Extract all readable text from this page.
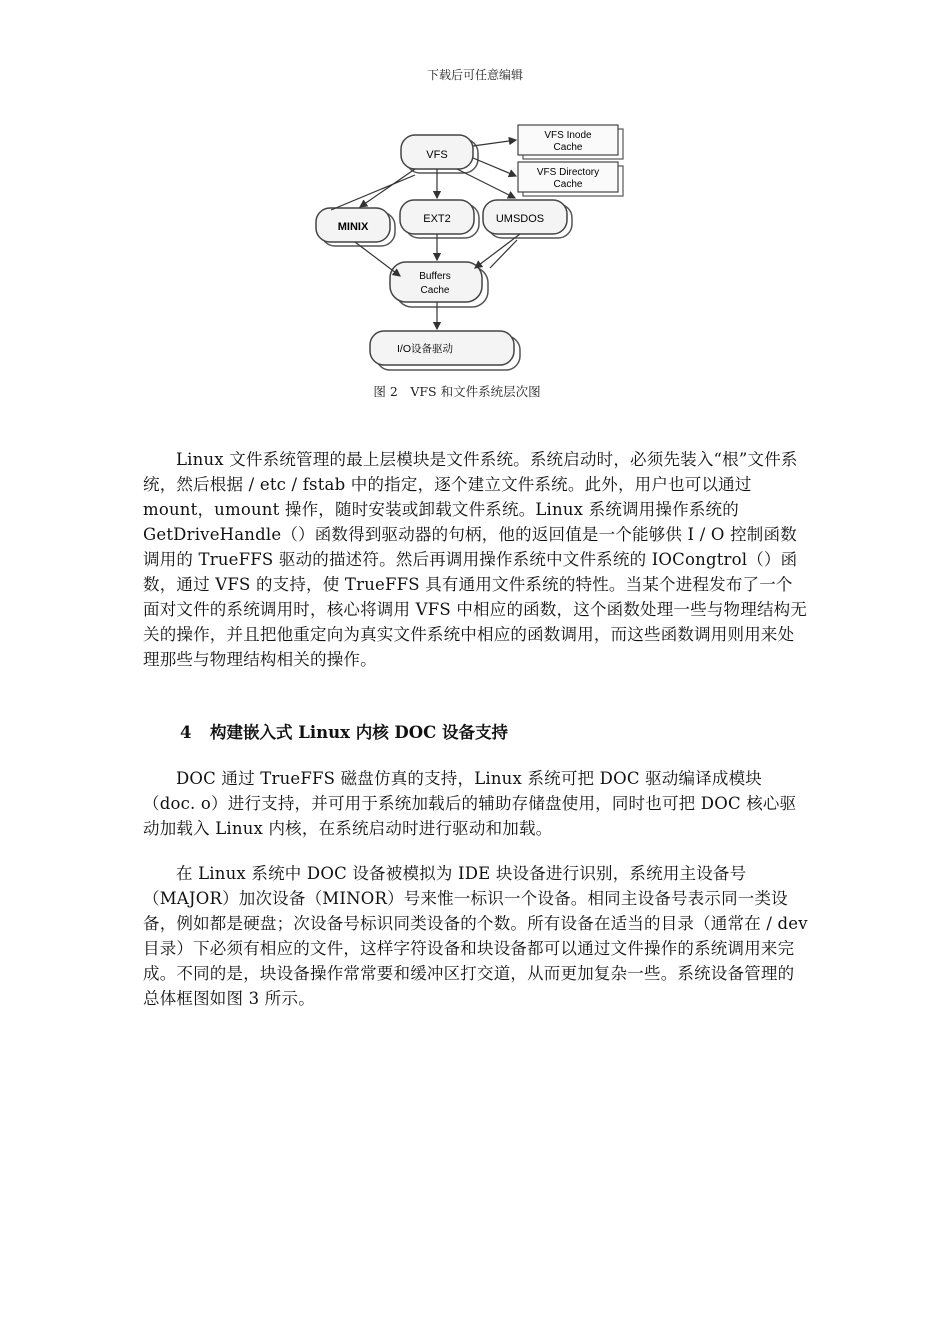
下载后可任意编辑
VFS
VFS Inode
Cache
VFS Directory
Cache
MINIX
EXT2	UMSDOS
Buffers
Cache
I/O设备驱动
图 2　VFS 和文件系统层次图

Linux 文件系统管理的最上层模块是文件系统。系统启动时，必须先装入“根”文件系统，然后根据 / etc / fstab 中的指定，逐个建立文件系统。此外，用户也可以通过 mount，umount 操作，随时安装或卸载文件系统。Linux 系统调用操作系统的 GetDriveHandle（）函数得到驱动器的句柄，他的返回值是一个能够供 I / O 控制函数调用的 TrueFFS 驱动的描述符。然后再调用操作系统中文件系统的 IOCongtrol（）函数，通过 VFS 的支持，使 TrueFFS 具有通用文件系统的特性。当某个进程发布了一个面对文件的系统调用时，核心将调用 VFS 中相应的函数，这个函数处理一些与物理结构无关的操作，并且把他重定向为真实文件系统中相应的函数调用，而这些函数调用则用来处理那些与物理结构相关的操作。

4 构建嵌入式 Linux 内核 DOC 设备支持

DOC 通过 TrueFFS 磁盘仿真的支持，Linux 系统可把 DOC 驱动编译成模块（doc. o）进行支持，并可用于系统加载后的辅助存储盘使用，同时也可把 DOC 核心驱动加载入 Linux 内核，在系统启动时进行驱动和加载。

在 Linux 系统中 DOC 设备被模拟为 IDE 块设备进行识别，系统用主设备号（MAJOR）加次设备（MINOR）号来惟一标识一个设备。相同主设备号表示同一类设备，例如都是硬盘；次设备号标识同类设备的个数。所有设备在适当的目录（通常在 / dev 目录）下必须有相应的文件，这样字符设备和块设备都可以通过文件操作的系统调用来完成。不同的是，块设备操作常常要和缓冲区打交道，从而更加复杂一些。系统设备管理的总体框图如图 3 所示。
